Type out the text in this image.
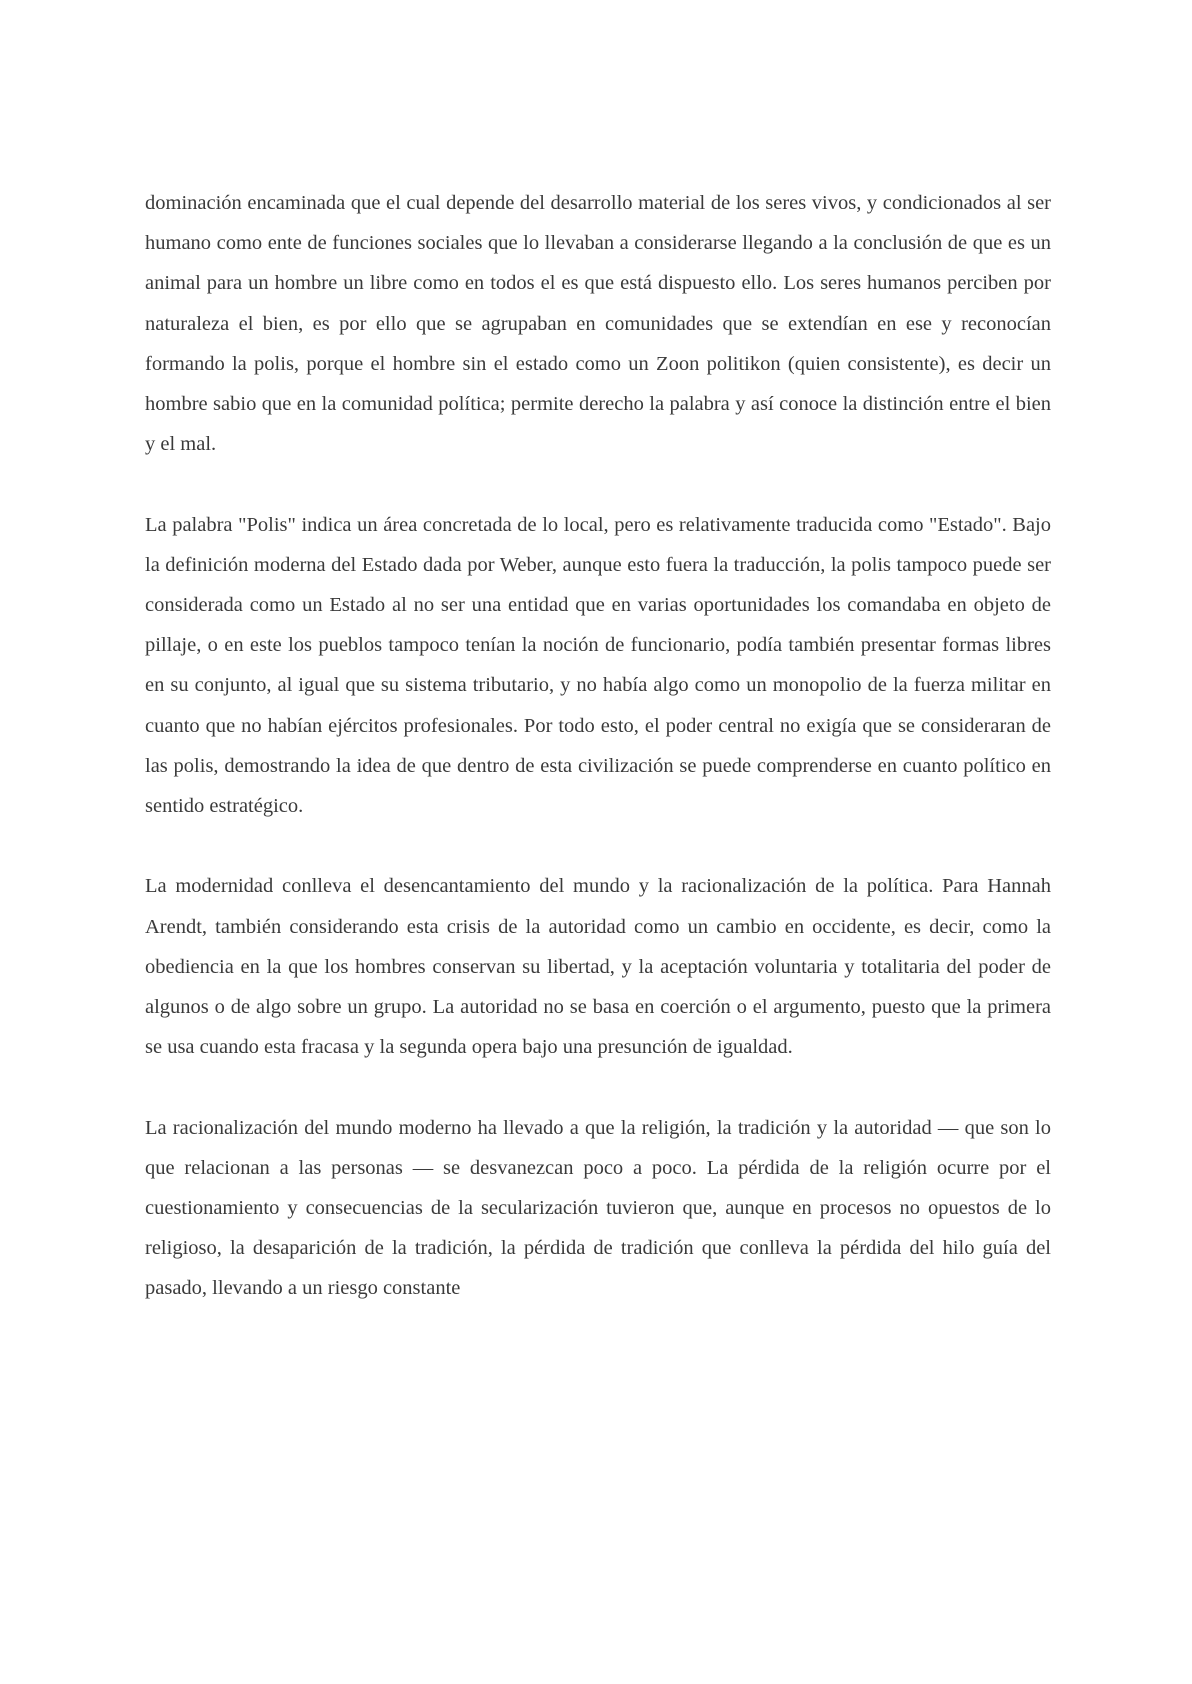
dominación encaminada que el cual depende del desarrollo material de los seres vivos, y condicionados al ser humano como ente de funciones sociales que lo llevaban a considerarse llegando a la conclusión de que es un animal para un hombre un libre como en todos el es que está dispuesto ello. Los seres humanos perciben por naturaleza el bien, es por ello que se agrupaban en comunidades que se extendían en ese y reconocían formando la polis, porque el hombre sin el estado como un Zoon politikon (quien consistente), es decir un hombre sabio que en la comunidad política; permite derecho la palabra y así conoce la distinción entre el bien y el mal.

La palabra "Polis" indica un área concretada de lo local, pero es relativamente traducida como "Estado". Bajo la definición moderna del Estado dada por Weber, aunque esto fuera la traducción, la polis tampoco puede ser considerada como un Estado al no ser una entidad que en varias oportunidades los comandaba en objeto de pillaje, o en este los pueblos tampoco tenían la noción de funcionario, podía también presentar formas libres en su conjunto, al igual que su sistema tributario, y no había algo como un monopolio de la fuerza militar en cuanto que no habían ejércitos profesionales. Por todo esto, el poder central no exigía que se consideraran de las polis, demostrando la idea de que dentro de esta civilización se puede comprenderse en cuanto político en sentido estratégico.

La modernidad conlleva el desencantamiento del mundo y la racionalización de la política. Para Hannah Arendt, también considerando esta crisis de la autoridad como un cambio en occidente, es decir, como la obediencia en la que los hombres conservan su libertad, y la aceptación voluntaria y totalitaria del poder de algunos o de algo sobre un grupo. La autoridad no se basa en coerción o el argumento, puesto que la primera se usa cuando esta fracasa y la segunda opera bajo una presunción de igualdad.

La racionalización del mundo moderno ha llevado a que la religión, la tradición y la autoridad — que son lo que relacionan a las personas — se desvanezcan poco a poco. La pérdida de la religión ocurre por el cuestionamiento y consecuencias de la secularización tuvieron que, aunque en procesos no opuestos de lo religioso, la desaparición de la tradición, la pérdida de tradición que conlleva la pérdida del hilo guía del pasado, llevando a un riesgo constante
